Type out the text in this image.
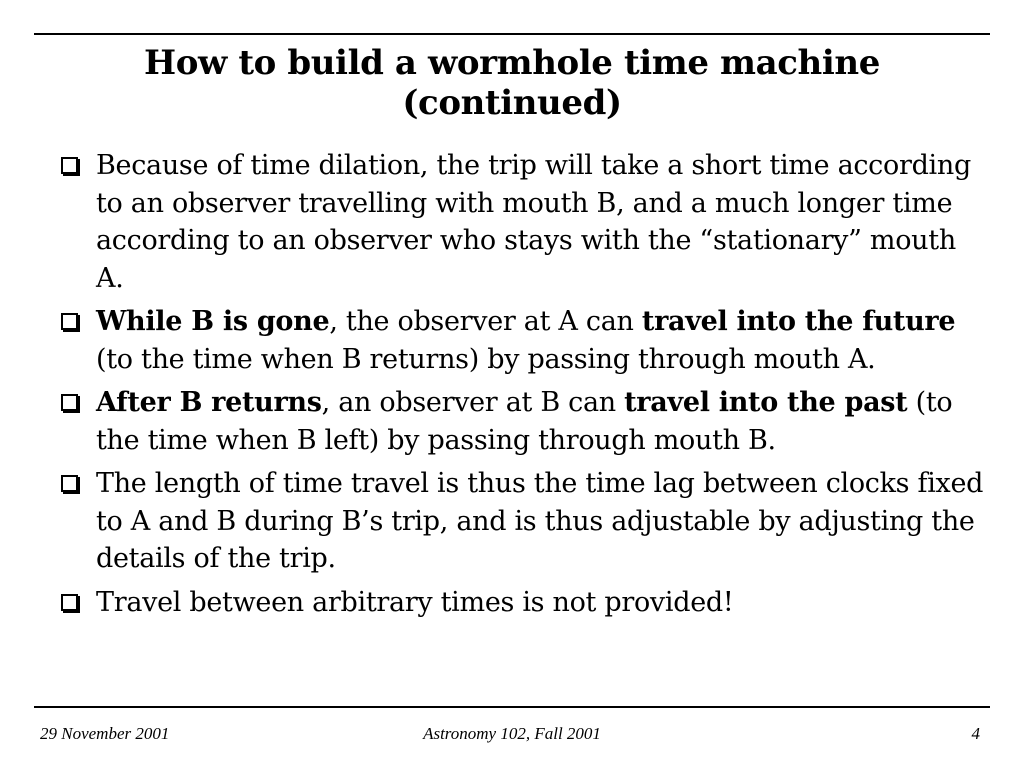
How to build a wormhole time machine
(continued)
Because of time dilation, the trip will take a short time according to an observer travelling with mouth B, and a much longer time according to an observer who stays with the “stationary” mouth A.
While B is gone, the observer at A can travel into the future (to the time when B returns) by passing through mouth A.
After B returns, an observer at B can travel into the past (to the time when B left) by passing through mouth B.
The length of time travel is thus the time lag between clocks fixed to A and B during B’s trip, and is thus adjustable by adjusting the details of the trip.
Travel between arbitrary times is not provided!
29 November 2001	Astronomy 102, Fall 2001	4
